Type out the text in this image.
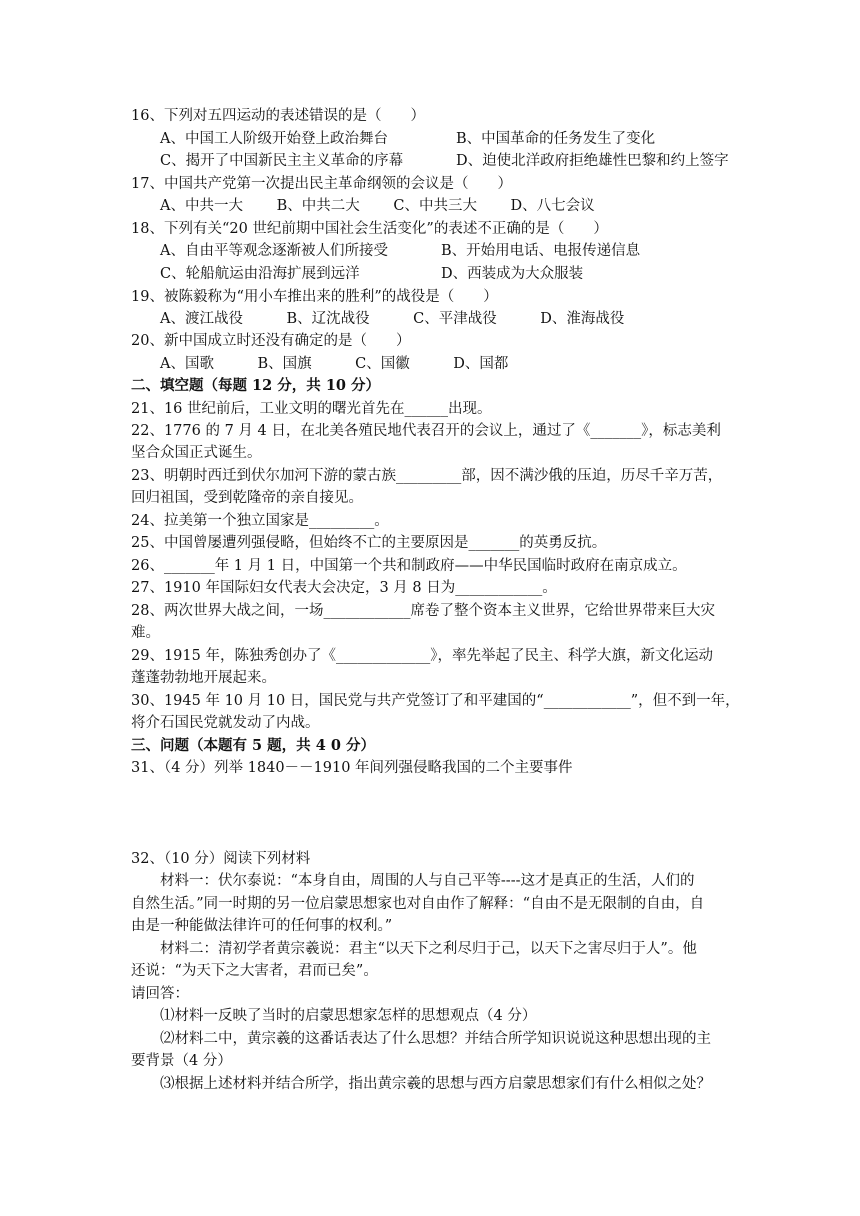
16、下列对五四运动的表述错误的是（　　）
A、中国工人阶级开始登上政治舞台	B、中国革命的任务发生了变化
C、揭开了中国新民主主义革命的序幕	D、迫使北洋政府拒绝雄性巴黎和约上签字
17、中国共产党第一次提出民主革命纲领的会议是（　　）
A、中共一大　　 B、中共二大　　 C、中共三大　　 D、八七会议
18、下列有关“20 世纪前期中国社会生活变化”的表述不正确的是（　　）
A、自由平等观念逐渐被人们所接受	B、开始用电话、电报传递信息
C、轮船航运由沿海扩展到远洋	D、西装成为大众服装
19、被陈毅称为“用小车推出来的胜利”的战役是（　　）
A、渡江战役　　　B、辽沈战役　　　C、平津战役　　　D、淮海战役
20、新中国成立时还没有确定的是（　　）
A、国歌　　　B、国旗　　　C、国徽　　　D、国都
二、填空题（每题 12 分，共 10 分）
21、16 世纪前后，工业文明的曙光首先在______出现。
22、1776 的 7 月 4 日，在北美各殖民地代表召开的会议上，通过了《_______》，标志美利
坚合众国正式诞生。
23、明朝时西迁到伏尔加河下游的蒙古族_________部，因不满沙俄的压迫，历尽千辛万苦，
回归祖国，受到乾隆帝的亲自接见。
24、拉美第一个独立国家是_________。
25、中国曾屡遭列强侵略，但始终不亡的主要原因是_______的英勇反抗。
26、_______年 1 月 1 日，中国第一个共和制政府——中华民国临时政府在南京成立。
27、1910 年国际妇女代表大会决定，3 月 8 日为____________。
28、两次世界大战之间，一场____________席卷了整个资本主义世界，它给世界带来巨大灾
难。
29、1915 年，陈独秀创办了《_____________》，率先举起了民主、科学大旗，新文化运动
蓬蓬勃勃地开展起来。
30、1945 年 10 月 10 日，国民党与共产党签订了和平建国的“____________”，但不到一年，
将介石国民党就发动了内战。
三、问题（本题有 5 题，共 4 0 分）
31、（4 分）列举 1840－－1910 年间列强侵略我国的二个主要事件
32、（10 分）阅读下列材料
材料一：伏尔泰说：“本身自由，周围的人与自己平等----这才是真正的生活，人们的
自然生活。”同一时期的另一位启蒙思想家也对自由作了解释：“自由不是无限制的自由，自
由是一种能做法律许可的任何事的权利。”
材料二：清初学者黄宗羲说：君主“以天下之利尽归于己，以天下之害尽归于人”。他
还说：“为天下之大害者，君而已矣”。
请回答：
⑴材料一反映了当时的启蒙思想家怎样的思想观点（4 分）
⑵材料二中，黄宗羲的这番话表达了什么思想？并结合所学知识说说这种思想出现的主
要背景（4 分）
⑶根据上述材料并结合所学，指出黄宗羲的思想与西方启蒙思想家们有什么相似之处？
